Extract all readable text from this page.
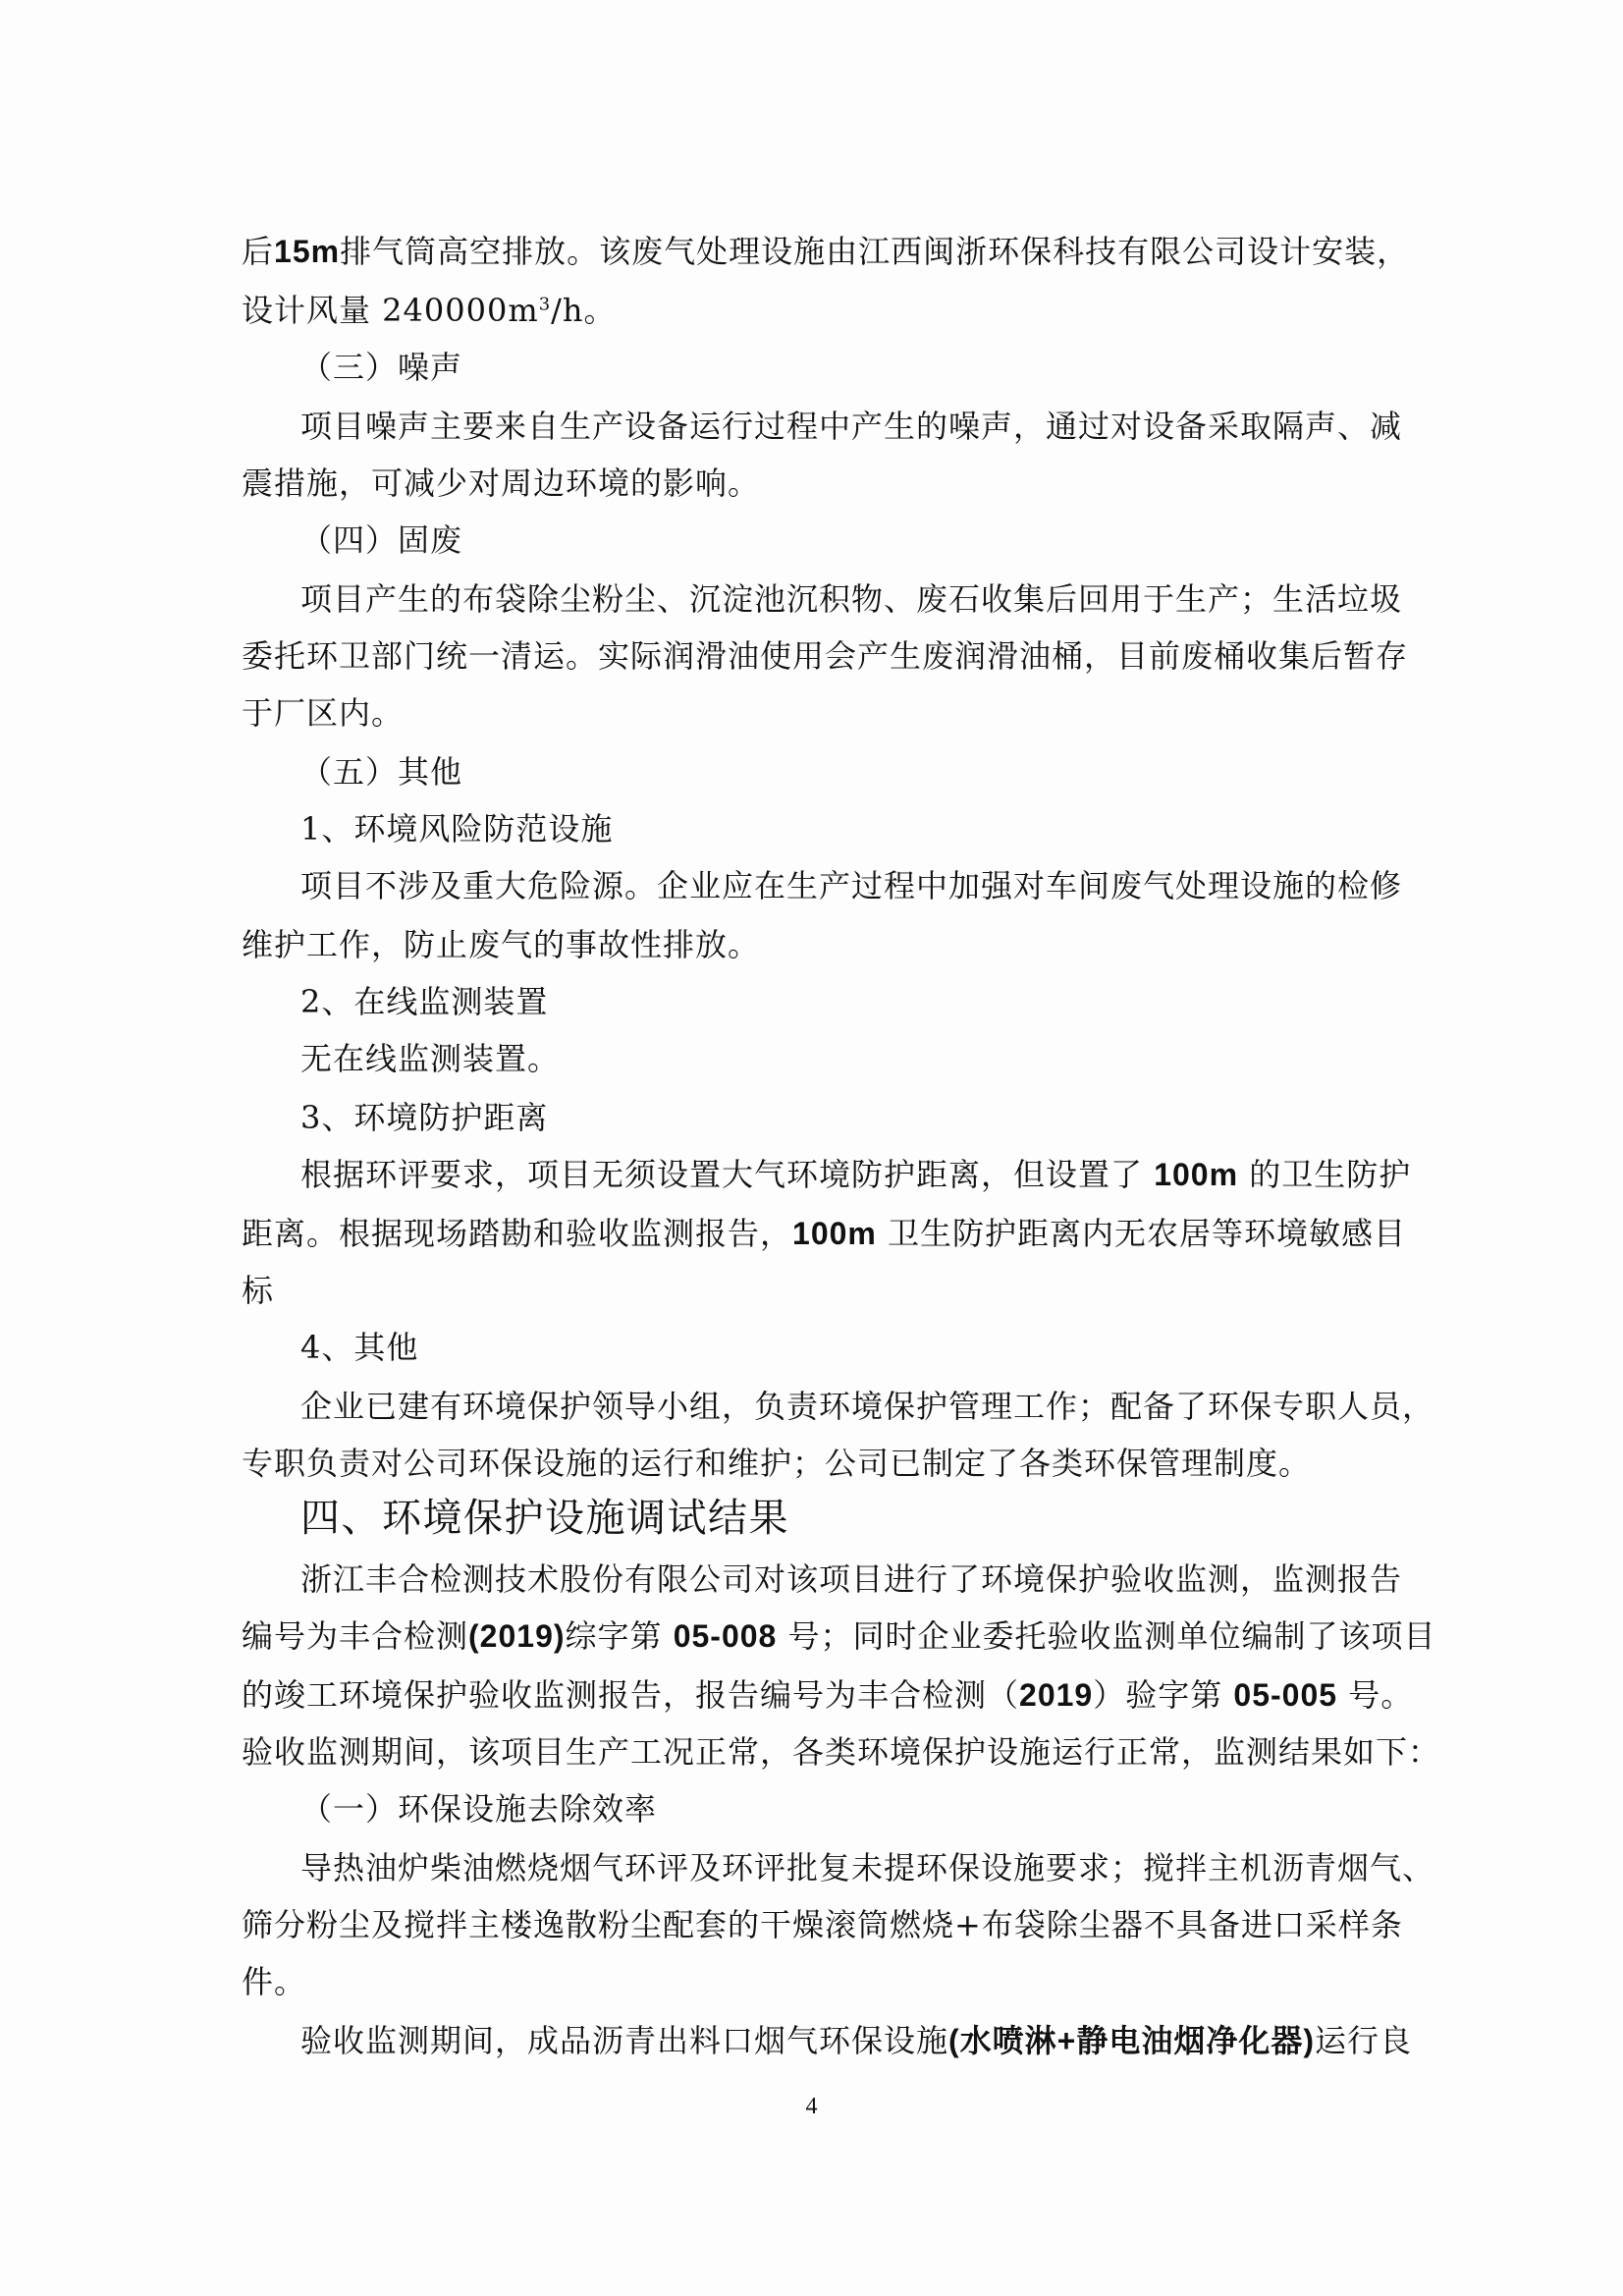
后15m排气筒高空排放。该废气处理设施由江西闽浙环保科技有限公司设计安装，
设计风量 $240000m^3/h$。
（三）噪声
项目噪声主要来自生产设备运行过程中产生的噪声，通过对设备采取隔声、减
震措施，可减少对周边环境的影响。
（四）固废
项目产生的布袋除尘粉尘、沉淀池沉积物、废石收集后回用于生产；生活垃圾
委托环卫部门统一清运。实际润滑油使用会产生废润滑油桶，目前废桶收集后暂存
于厂区内。
（五）其他
1、环境风险防范设施
项目不涉及重大危险源。企业应在生产过程中加强对车间废气处理设施的检修
维护工作，防止废气的事故性排放。
2、在线监测装置
无在线监测装置。
3、环境防护距离
根据环评要求，项目无须设置大气环境防护距离，但设置了 100m 的卫生防护
距离。根据现场踏勘和验收监测报告，100m 卫生防护距离内无农居等环境敏感目
标
4、其他
企业已建有环境保护领导小组，负责环境保护管理工作；配备了环保专职人员，
专职负责对公司环保设施的运行和维护；公司已制定了各类环保管理制度。
四、环境保护设施调试结果
浙江丰合检测技术股份有限公司对该项目进行了环境保护验收监测，监测报告
编号为丰合检测(2019)综字第 05-008 号；同时企业委托验收监测单位编制了该项目
的竣工环境保护验收监测报告，报告编号为丰合检测（2019）验字第 05-005 号。
验收监测期间，该项目生产工况正常，各类环境保护设施运行正常，监测结果如下：
（一）环保设施去除效率
导热油炉柴油燃烧烟气环评及环评批复未提环保设施要求；搅拌主机沥青烟气、
筛分粉尘及搅拌主楼逸散粉尘配套的干燥滚筒燃烧+布袋除尘器不具备进口采样条
件。
验收监测期间，成品沥青出料口烟气环保设施(水喷淋+静电油烟净化器)运行良
4
